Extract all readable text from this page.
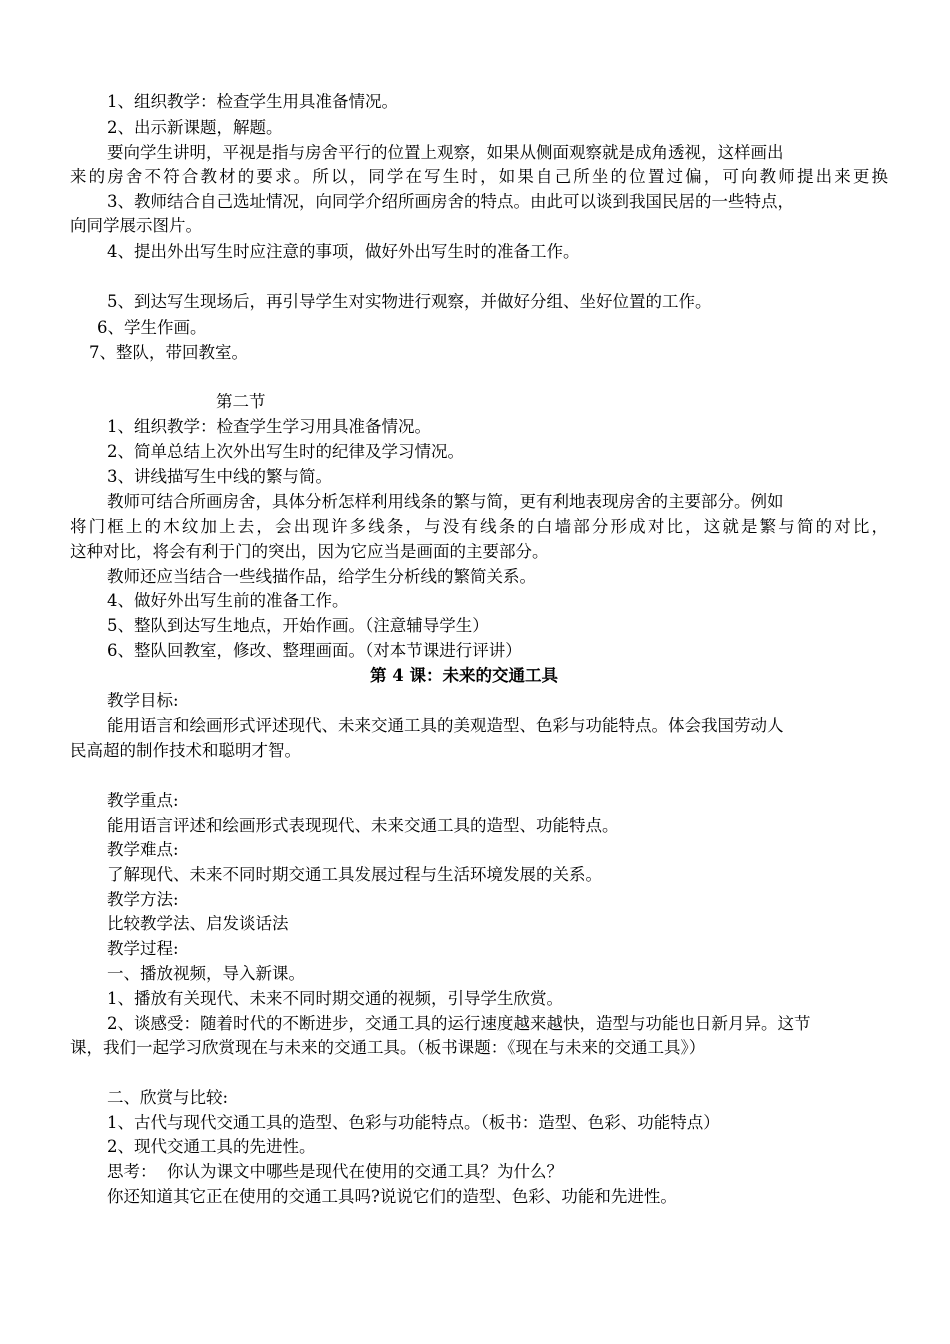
1、组织教学：检查学生用具准备情况。
2、出示新课题，解题。
要向学生讲明，平视是指与房舍平行的位置上观察，如果从侧面观察就是成角透视，这样画出
来的房舍不符合教材的要求。所以，同学在写生时，如果自己所坐的位置过偏，可向教师提出来更换
3、教师结合自己选址情况，向同学介绍所画房舍的特点。由此可以谈到我国民居的一些特点，
向同学展示图片。
4、提出外出写生时应注意的事项，做好外出写生时的准备工作。
5、到达写生现场后，再引导学生对实物进行观察，并做好分组、坐好位置的工作。
6、学生作画。
7、整队，带回教室。
第二节
1、组织教学：检查学生学习用具准备情况。
2、简单总结上次外出写生时的纪律及学习情况。
3、讲线描写生中线的繁与简。
教师可结合所画房舍，具体分析怎样利用线条的繁与简，更有利地表现房舍的主要部分。例如
将门框上的木纹加上去，会出现许多线条，与没有线条的白墙部分形成对比，这就是繁与简的对比，
这种对比，将会有利于门的突出，因为它应当是画面的主要部分。
教师还应当结合一些线描作品，给学生分析线的繁简关系。
4、做好外出写生前的准备工作。
5、整队到达写生地点，开始作画。（注意辅导学生）
6、整队回教室，修改、整理画面。（对本节课进行评讲）
第 4 课：未来的交通工具
教学目标:
能用语言和绘画形式评述现代、未来交通工具的美观造型、色彩与功能特点。体会我国劳动人
民高超的制作技术和聪明才智。
教学重点:
能用语言评述和绘画形式表现现代、未来交通工具的造型、功能特点。
教学难点:
了解现代、未来不同时期交通工具发展过程与生活环境发展的关系。
教学方法:
比较教学法、启发谈话法
教学过程:
一、播放视频，导入新课。
1、播放有关现代、未来不同时期交通的视频，引导学生欣赏。
2、谈感受：随着时代的不断进步，交通工具的运行速度越来越快，造型与功能也日新月异。这节
课，我们一起学习欣赏现在与未来的交通工具。（板书课题：《现在与未来的交通工具》）
二、欣赏与比较:
1、古代与现代交通工具的造型、色彩与功能特点。（板书：造型、色彩、功能特点）
2、现代交通工具的先进性。
思考：  你认为课文中哪些是现代在使用的交通工具？为什么？
你还知道其它正在使用的交通工具吗?说说它们的造型、色彩、功能和先进性。
